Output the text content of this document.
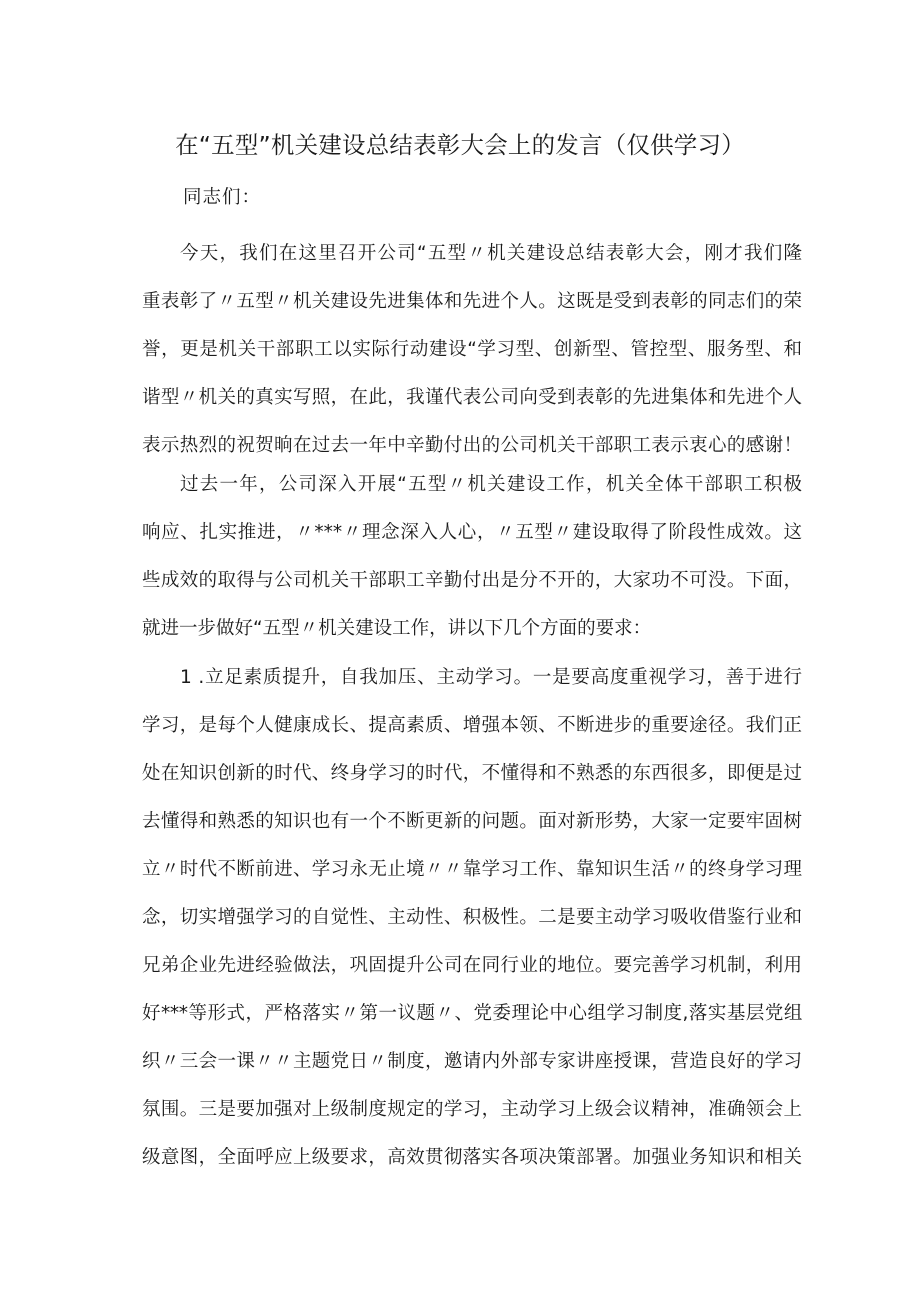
在“五型”机关建设总结表彰大会上的发言（仅供学习）
同志们：
今天，我们在这里召开公司“五型〃机关建设总结表彰大会，刚才我们隆
重表彰了〃五型〃机关建设先进集体和先进个人。这既是受到表彰的同志们的荣
誉，更是机关干部职工以实际行动建设“学习型、创新型、管控型、服务型、和
谐型〃机关的真实写照，在此，我谨代表公司向受到表彰的先进集体和先进个人
表示热烈的祝贺晌在过去一年中辛勤付出的公司机关干部职工表示衷心的感谢！
过去一年，公司深入开展“五型〃机关建设工作，机关全体干部职工积极
响应、扎实推进，〃***〃理念深入人心，〃五型〃建设取得了阶段性成效。这
些成效的取得与公司机关干部职工辛勤付出是分不开的，大家功不可没。下面，
就进一步做好“五型〃机关建设工作，讲以下几个方面的要求：
1 .立足素质提升，自我加压、主动学习。一是要高度重视学习，善于进行
学习，是每个人健康成长、提高素质、增强本领、不断进步的重要途径。我们正
处在知识创新的时代、终身学习的时代，不懂得和不熟悉的东西很多，即便是过
去懂得和熟悉的知识也有一个不断更新的问题。面对新形势，大家一定要牢固树
立〃时代不断前进、学习永无止境〃〃靠学习工作、靠知识生活〃的终身学习理
念，切实增强学习的自觉性、主动性、积极性。二是要主动学习吸收借鉴行业和
兄弟企业先进经验做法，巩固提升公司在同行业的地位。要完善学习机制，利用
好***等形式，严格落实〃第一议题〃、党委理论中心组学习制度,落实基层党组
织〃三会一课〃〃主题党日〃制度，邀请内外部专家讲座授课，营造良好的学习
氛围。三是要加强对上级制度规定的学习，主动学习上级会议精神，准确领会上
级意图，全面呼应上级要求，高效贯彻落实各项决策部署。加强业务知识和相关
